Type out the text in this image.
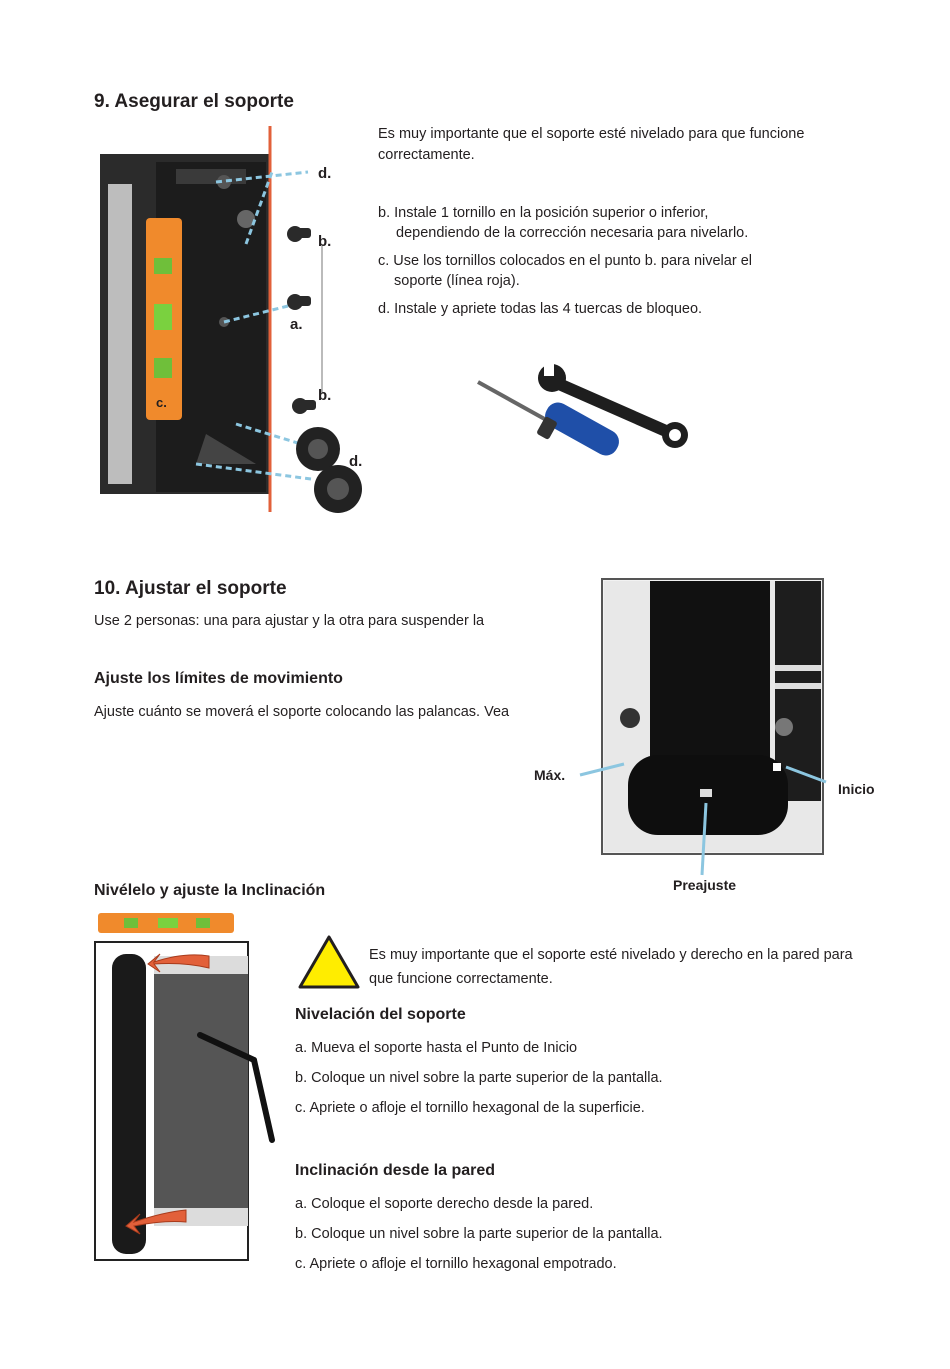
9. Asegurar el soporte

Es muy importante que el soporte esté nivelado para que funcione correctamente.

b. Instale 1 tornillo en la posición superior o inferior,
dependiendo de la corrección necesaria para nivelarlo.

c. Use los tornillos colocados en el punto b. para nivelar el
soporte (línea roja).

d. Instale y apriete todas las 4 tuercas de bloqueo.

c.
d.
b.
a.
b.
d.
10. Ajustar el soporte

Use 2 personas: una para ajustar y la otra para suspender la

Ajuste los límites de movimiento

Ajuste cuánto se moverá el soporte colocando las palancas. Vea

Máx.
Inicio
Preajuste
Nivélelo y ajuste la Inclinación

Es muy importante que el soporte esté nivelado y derecho en la pared para que funcione correctamente.

Nivelación del soporte

a. Mueva el soporte hasta el Punto de Inicio

b. Coloque un nivel sobre la parte superior de la pantalla.

c. Apriete o afloje el tornillo hexagonal de la superficie.

Inclinación desde la pared

a. Coloque el soporte derecho desde la pared.

b. Coloque un nivel sobre la parte superior de la pantalla.

c. Apriete o afloje el tornillo hexagonal empotrado.
